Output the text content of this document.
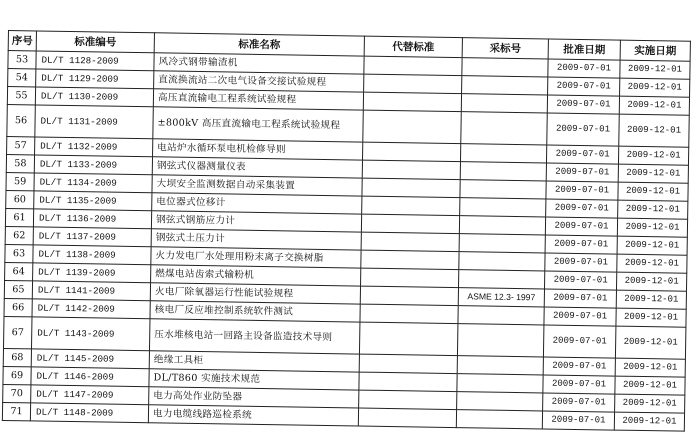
序号	标准编号	标准名称	代替标准	采标号	批准日期	实施日期
53	DL/T 1128-2009	风冷式钢带输渣机			2009-07-01	2009-12-01
54	DL/T 1129-2009	直流换流站二次电气设备交接试验规程			2009-07-01	2009-12-01
55	DL/T 1130-2009	高压直流输电工程系统试验规程			2009-07-01	2009-12-01
56	DL/T 1131-2009	±800kV 高压直流输电工程系统试验规程			2009-07-01	2009-12-01
57	DL/T 1132-2009	电站炉水循环泵电机检修导则			2009-07-01	2009-12-01
58	DL/T 1133-2009	钢弦式仪器测量仪表			2009-07-01	2009-12-01
59	DL/T 1134-2009	大坝安全监测数据自动采集装置			2009-07-01	2009-12-01
60	DL/T 1135-2009	电位器式位移计			2009-07-01	2009-12-01
61	DL/T 1136-2009	钢弦式钢筋应力计			2009-07-01	2009-12-01
62	DL/T 1137-2009	钢弦式土压力计			2009-07-01	2009-12-01
63	DL/T 1138-2009	火力发电厂水处理用粉末离子交换树脂			2009-07-01	2009-12-01
64	DL/T 1139-2009	燃煤电站齿索式输粉机			2009-07-01	2009-12-01
65	DL/T 1141-2009	火电厂除氧器运行性能试验规程		ASME 12.3- 1997	2009-07-01	2009-12-01
66	DL/T 1142-2009	核电厂反应堆控制系统软件测试			2009-07-01	2009-12-01
67	DL/T 1143-2009	压水堆核电站一回路主设备监造技术导则			2009-07-01	2009-12-01
68	DL/T 1145-2009	绝缘工具柜			2009-07-01	2009-12-01
69	DL/T 1146-2009	DL/T860 实施技术规范			2009-07-01	2009-12-01
70	DL/T 1147-2009	电力高处作业防坠器			2009-07-01	2009-12-01
71	DL/T 1148-2009	电力电缆线路巡检系统			2009-07-01	2009-12-01
